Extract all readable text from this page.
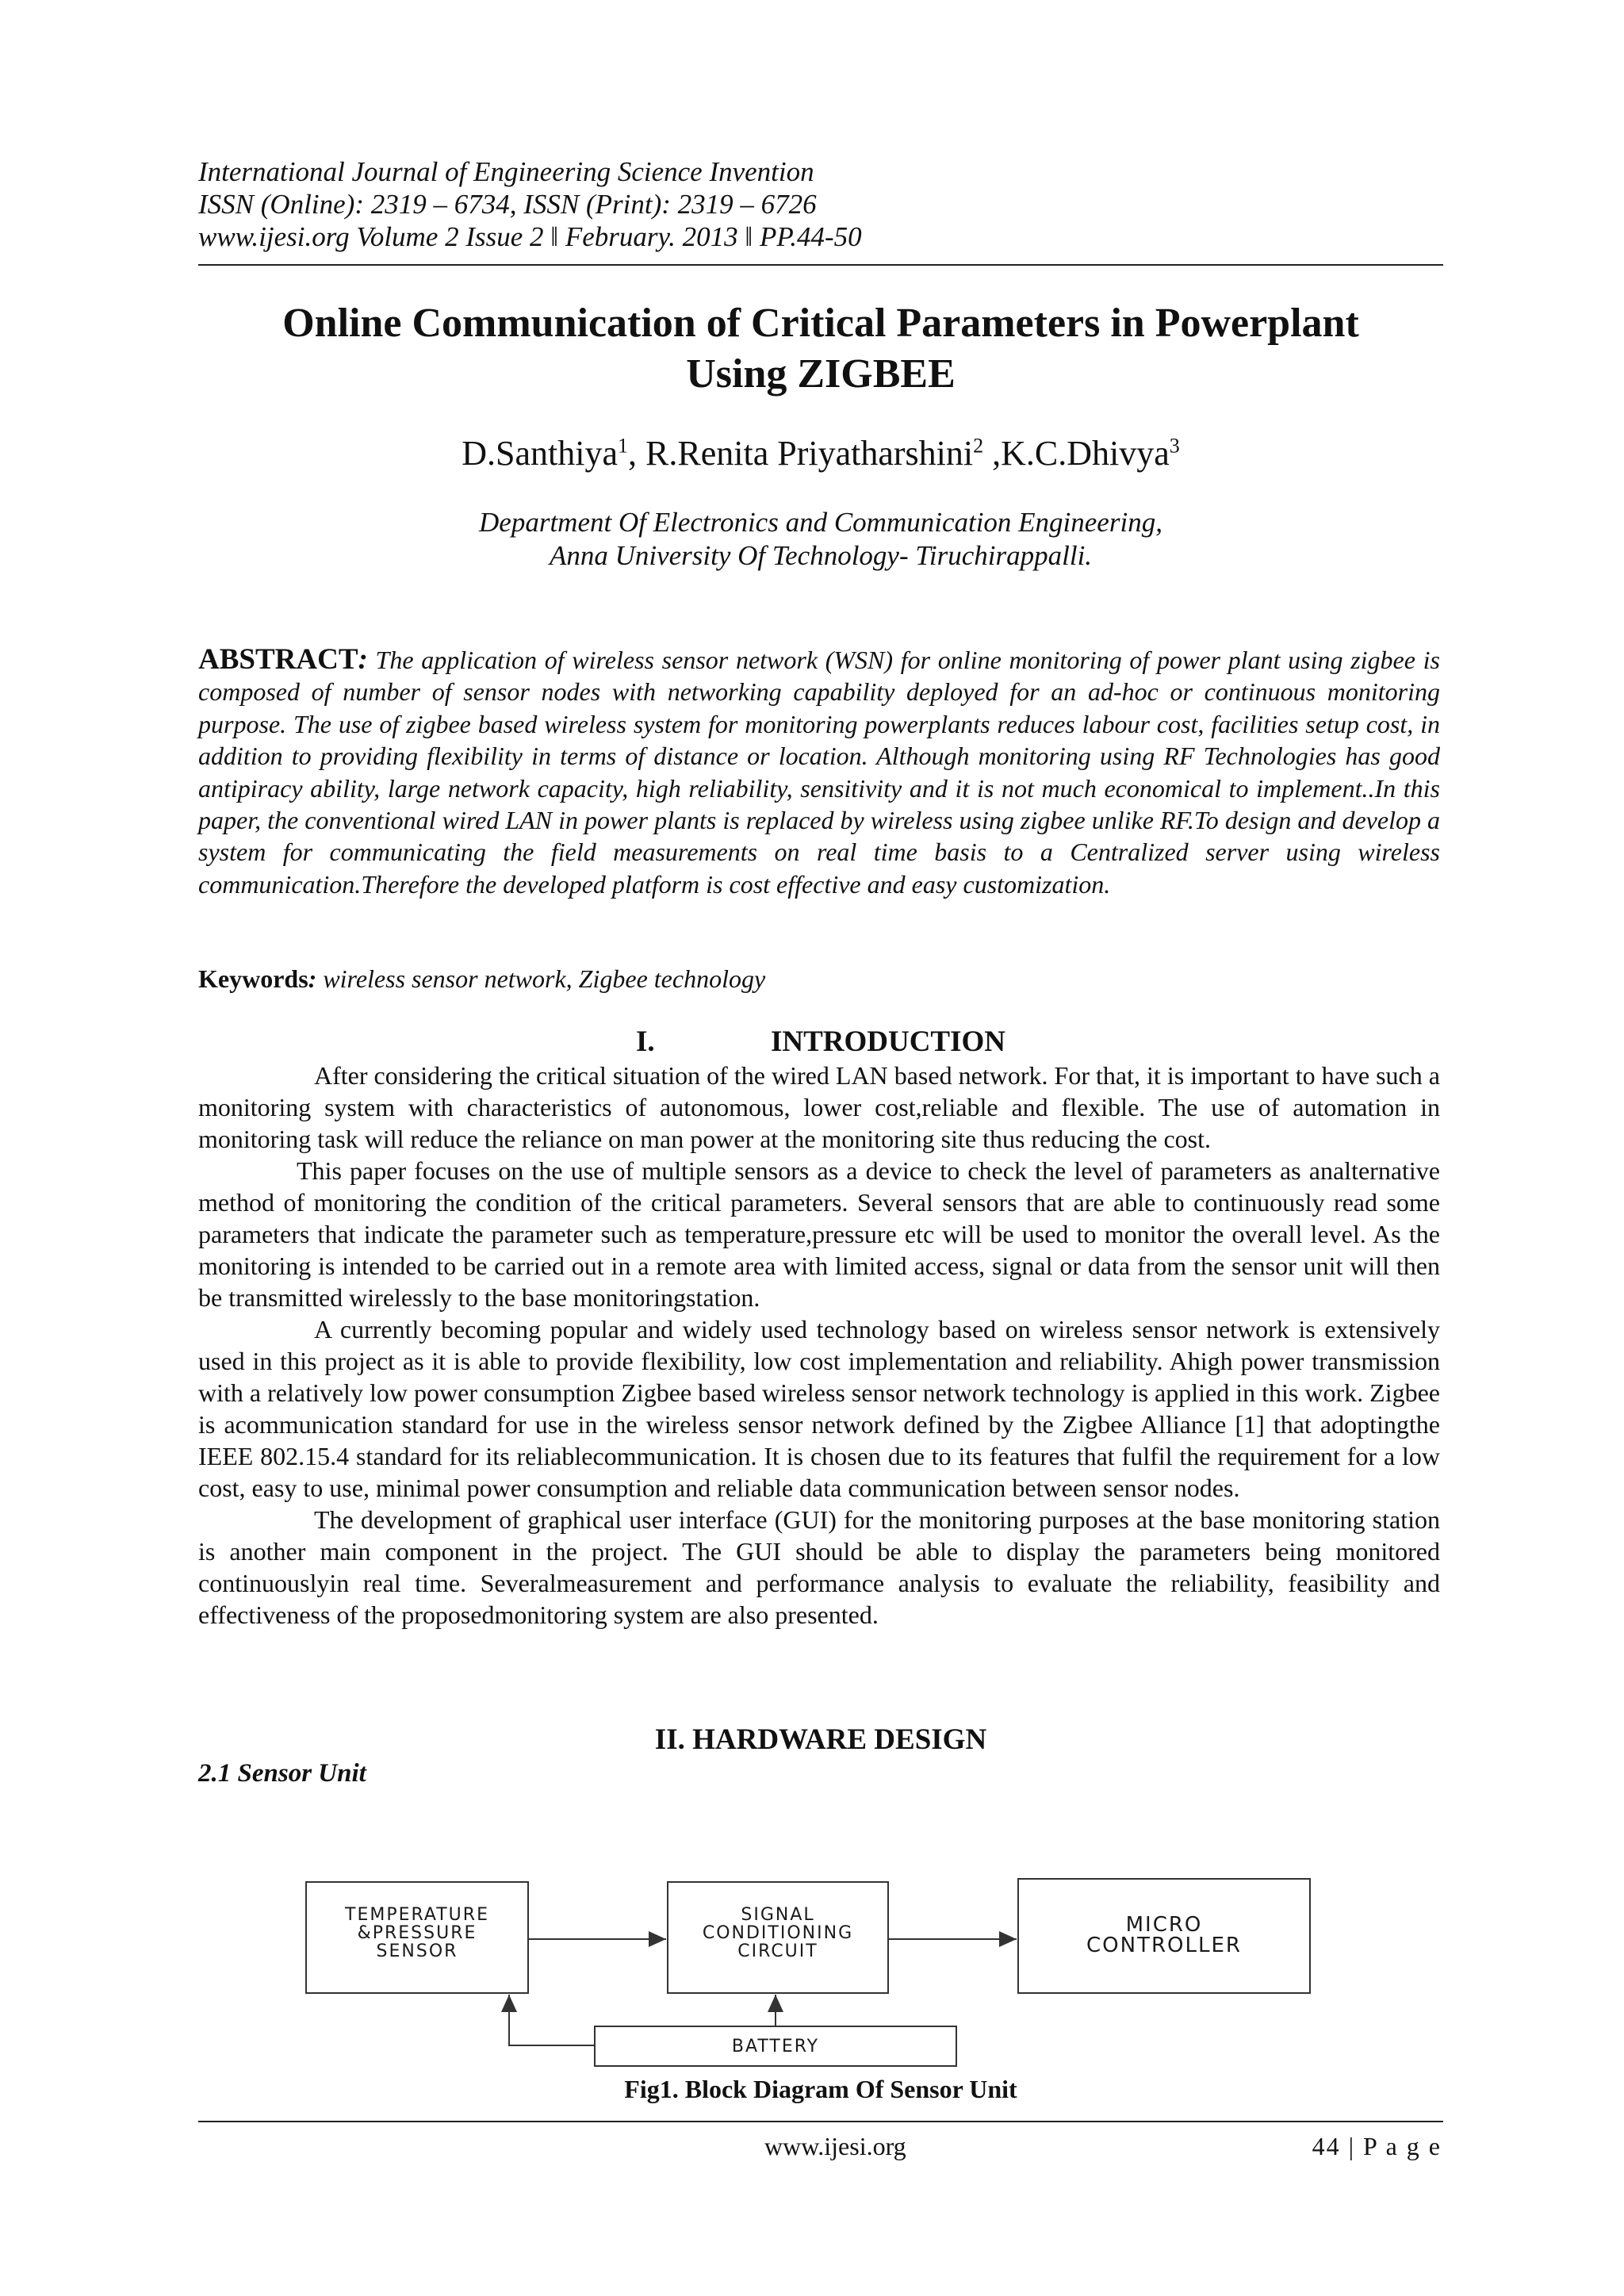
International Journal of Engineering Science Invention
ISSN (Online): 2319 – 6734, ISSN (Print): 2319 – 6726
www.ijesi.org Volume 2 Issue 2 ǁ February. 2013 ǁ PP.44-50
Online Communication of Critical Parameters in Powerplant
Using ZIGBEE
D.Santhiya$^1$, R.Renita Priyatharshini$^2$ ,K.C.Dhivya$^3$
Department Of Electronics and Communication Engineering,
Anna University Of Technology- Tiruchirappalli.
ABSTRACT: The application of wireless sensor network (WSN) for online monitoring of power plant using zigbee is composed of number of sensor nodes with networking capability deployed for an ad-hoc or continuous monitoring purpose. The use of zigbee based wireless system for monitoring powerplants reduces labour cost, facilities setup cost, in addition to providing flexibility in terms of distance or location. Although monitoring using RF Technologies has good antipiracy ability, large network capacity, high reliability, sensitivity and it is not much economical to implement..In this paper, the conventional wired LAN in power plants is replaced by wireless using zigbee unlike RF.To design and develop a system for communicating the field measurements on real time basis to a Centralized server using wireless communication.Therefore the developed platform is cost effective and easy customization.
Keywords: wireless sensor network, Zigbee technology
I.	INTRODUCTION

After considering the critical situation of the wired LAN based network. For that, it is important to have such a monitoring system with characteristics of autonomous, lower cost,reliable and flexible. The use of automation in monitoring task will reduce the reliance on man power at the monitoring site thus reducing the cost.

This paper focuses on the use of multiple sensors as a device to check the level of parameters as analternative method of monitoring the condition of the critical parameters. Several sensors that are able to continuously read some parameters that indicate the parameter such as temperature,pressure etc will be used to monitor the overall level. As the monitoring is intended to be carried out in a remote area with limited access, signal or data from the sensor unit will then be transmitted wirelessly to the base monitoringstation.

A currently becoming popular and widely used technology based on wireless sensor network is extensively used in this project as it is able to provide flexibility, low cost implementation and reliability. Ahigh power transmission with a relatively low power consumption Zigbee based wireless sensor network technology is applied in this work. Zigbee is acommunication standard for use in the wireless sensor network defined by the Zigbee Alliance [1] that adoptingthe IEEE 802.15.4 standard for its reliablecommunication. It is chosen due to its features that fulfil the requirement for a low cost, easy to use, minimal power consumption and reliable data communication between sensor nodes.

The development of graphical user interface (GUI) for the monitoring purposes at the base monitoring station is another main component in the project. The GUI should be able to display the parameters being monitored continuouslyin real time. Severalmeasurement and performance analysis to evaluate the reliability, feasibility and effectiveness of the proposedmonitoring system are also presented.

II. HARDWARE DESIGN
2.1 Sensor Unit
TEMPERATURE
&PRESSURE
SENSOR
SIGNAL
CONDITIONING
CIRCUIT
MICRO
CONTROLLER
BATTERY
Fig1. Block Diagram Of Sensor Unit
www.ijesi.org	44 | P a g e
